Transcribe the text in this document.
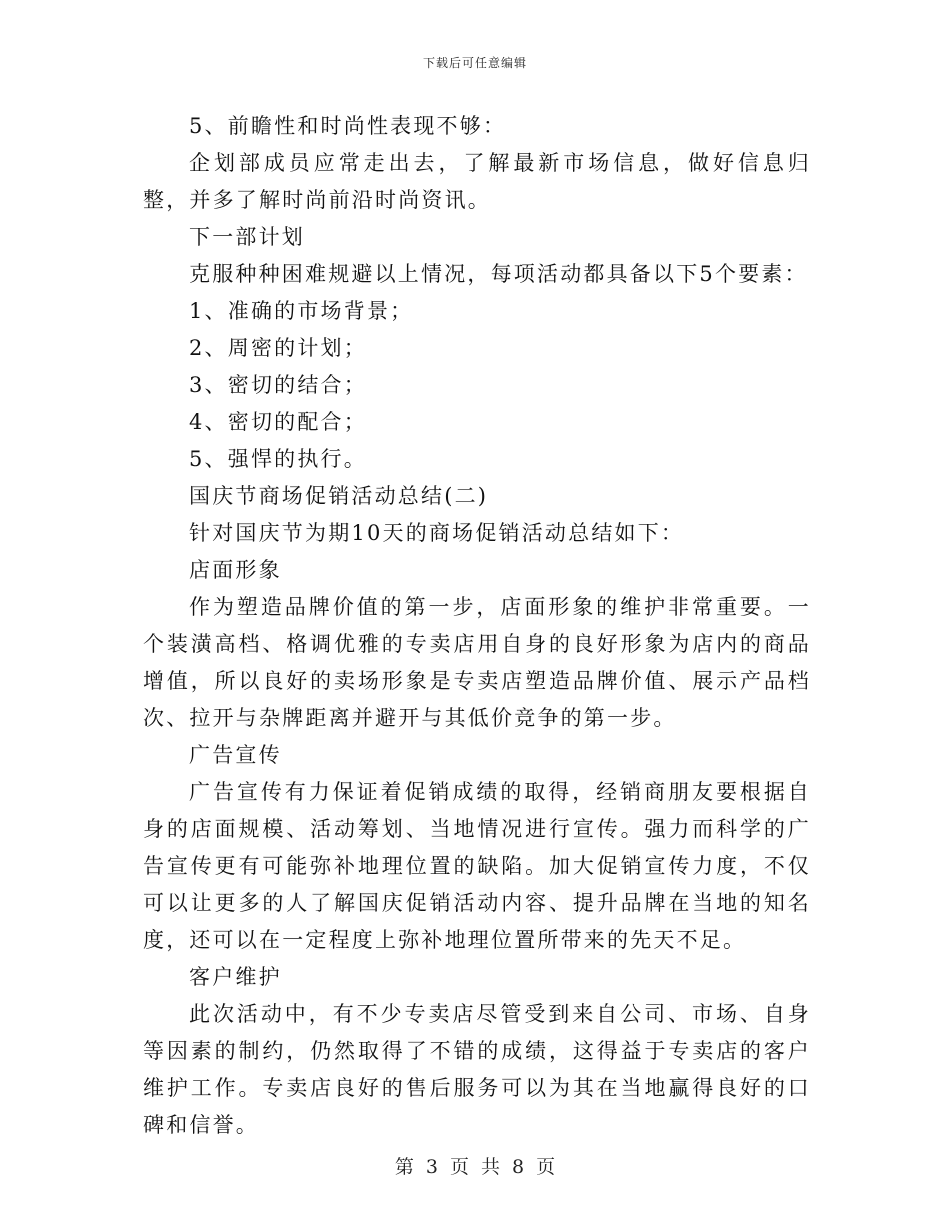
下载后可任意编辑

5、前瞻性和时尚性表现不够：

企划部成员应常走出去，了解最新市场信息，做好信息归整，并多了解时尚前沿时尚资讯。

下一部计划

克服种种困难规避以上情况，每项活动都具备以下5个要素：

1、准确的市场背景；

2、周密的计划；

3、密切的结合；

4、密切的配合；

5、强悍的执行。

国庆节商场促销活动总结(二)

针对国庆节为期10天的商场促销活动总结如下：

店面形象

作为塑造品牌价值的第一步，店面形象的维护非常重要。一个装潢高档、格调优雅的专卖店用自身的良好形象为店内的商品增值，所以良好的卖场形象是专卖店塑造品牌价值、展示产品档次、拉开与杂牌距离并避开与其低价竞争的第一步。

广告宣传

广告宣传有力保证着促销成绩的取得，经销商朋友要根据自身的店面规模、活动筹划、当地情况进行宣传。强力而科学的广告宣传更有可能弥补地理位置的缺陷。加大促销宣传力度，不仅可以让更多的人了解国庆促销活动内容、提升品牌在当地的知名度，还可以在一定程度上弥补地理位置所带来的先天不足。

客户维护

此次活动中，有不少专卖店尽管受到来自公司、市场、自身等因素的制约，仍然取得了不错的成绩，这得益于专卖店的客户维护工作。专卖店良好的售后服务可以为其在当地赢得良好的口碑和信誉。

第 3 页 共 8 页
